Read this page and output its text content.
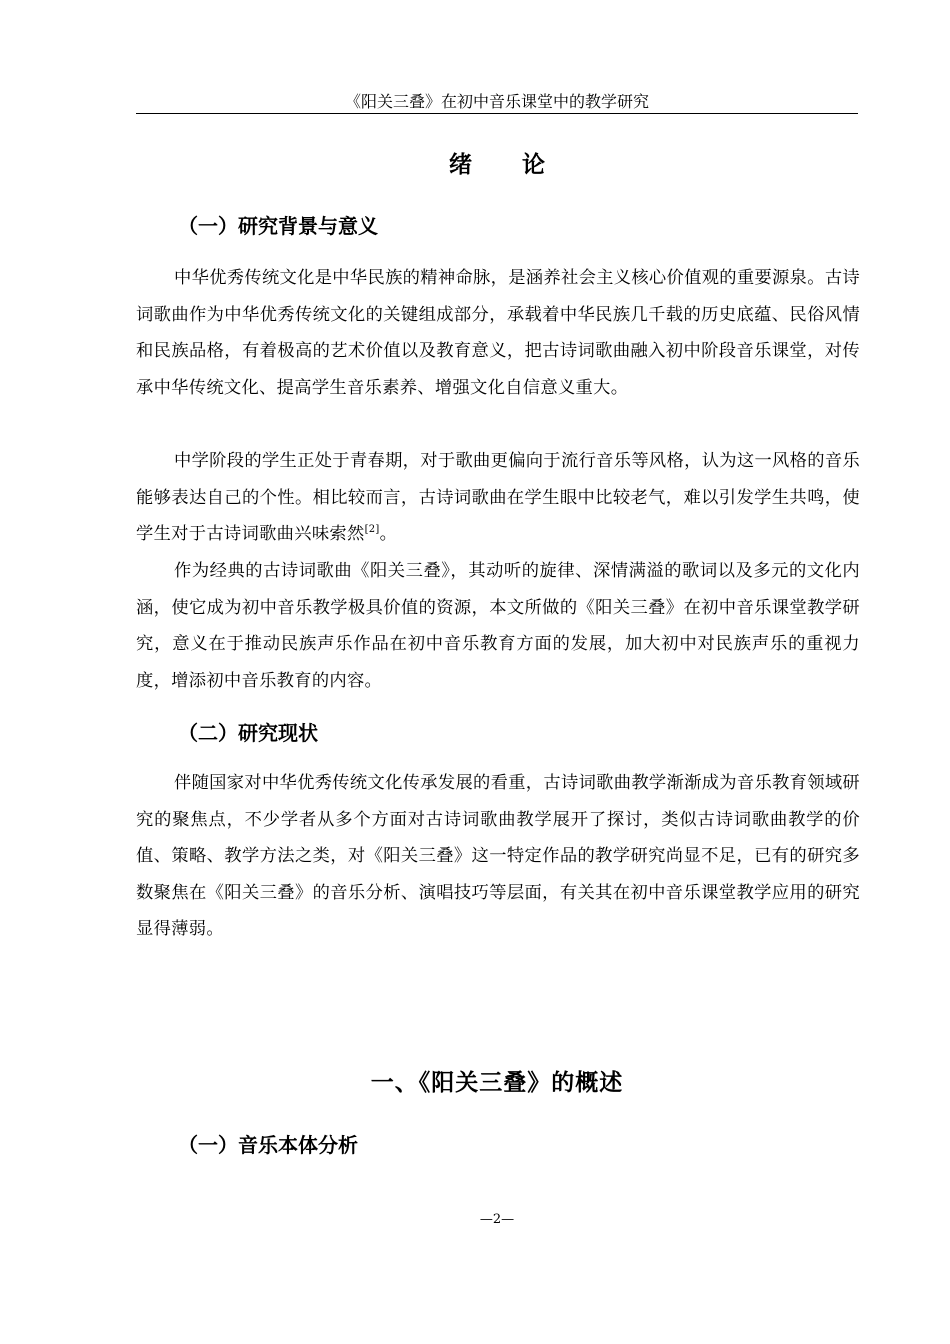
《阳关三叠》在初中音乐课堂中的教学研究
绪论
（一）研究背景与意义

中华优秀传统文化是中华民族的精神命脉，是涵养社会主义核心价值观的重要源泉。古诗词歌曲作为中华优秀传统文化的关键组成部分，承载着中华民族几千载的历史底蕴、民俗风情和民族品格，有着极高的艺术价值以及教育意义，把古诗词歌曲融入初中阶段音乐课堂，对传承中华传统文化、提高学生音乐素养、增强文化自信意义重大。

中学阶段的学生正处于青春期，对于歌曲更偏向于流行音乐等风格，认为这一风格的音乐能够表达自己的个性。相比较而言，古诗词歌曲在学生眼中比较老气，难以引发学生共鸣，使学生对于古诗词歌曲兴味索然[2]。

作为经典的古诗词歌曲《阳关三叠》，其动听的旋律、深情满溢的歌词以及多元的文化内涵，使它成为初中音乐教学极具价值的资源，本文所做的《阳关三叠》在初中音乐课堂教学研究，意义在于推动民族声乐作品在初中音乐教育方面的发展，加大初中对民族声乐的重视力度，增添初中音乐教育的内容。

（二）研究现状

伴随国家对中华优秀传统文化传承发展的看重，古诗词歌曲教学渐渐成为音乐教育领域研究的聚焦点，不少学者从多个方面对古诗词歌曲教学展开了探讨，类似古诗词歌曲教学的价值、策略、教学方法之类，对《阳关三叠》这一特定作品的教学研究尚显不足，已有的研究多数聚焦在《阳关三叠》的音乐分析、演唱技巧等层面，有关其在初中音乐课堂教学应用的研究显得薄弱。

一、《阳关三叠》的概述
（一）音乐本体分析
—2—
